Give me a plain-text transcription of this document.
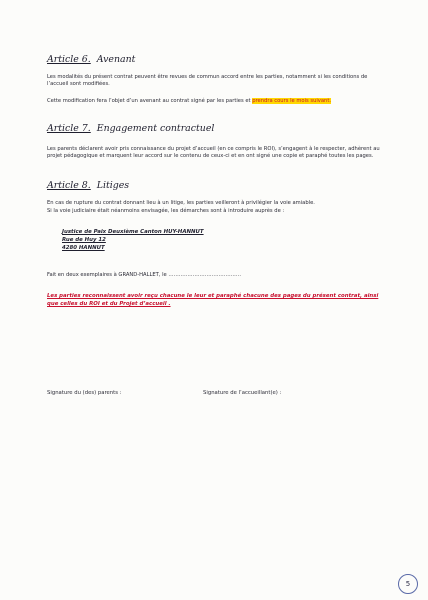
Article 6. Avenant
Les modalités du présent contrat peuvent être revues de commun accord entre les parties, notamment si les conditions de l’accueil sont modifiées.
Cette modification fera l’objet d’un avenant au contrat signé par les parties et prendra cours le mois suivant.
Article 7. Engagement contractuel
Les parents déclarent avoir pris connaissance du projet d’accueil (en ce compris le ROI), s’engagent à le respecter, adhèrent au projet pédagogique et marquent leur accord sur le contenu de ceux-ci et en ont signé une copie et paraphé toutes les pages.
Article 8. Litiges
En cas de rupture du contrat donnant lieu à un litige, les parties veilleront à privilégier la voie amiable.
Si la voie judiciaire était néanmoins envisagée, les démarches sont à introduire auprès de :
Justice de Paix Deuxième Canton HUY-HANNUT
Rue de Huy 12
4280 HANNUT
Fait en deux exemplaires à GRAND-HALLET, le ……………………………………
Les parties reconnaissent avoir reçu chacune le leur et paraphé chacune des pages du présent contrat, ainsi que celles du ROI et du Projet d’accueil .
Signature du (des) parents :	Signature de l’accueillant(e) :
5
